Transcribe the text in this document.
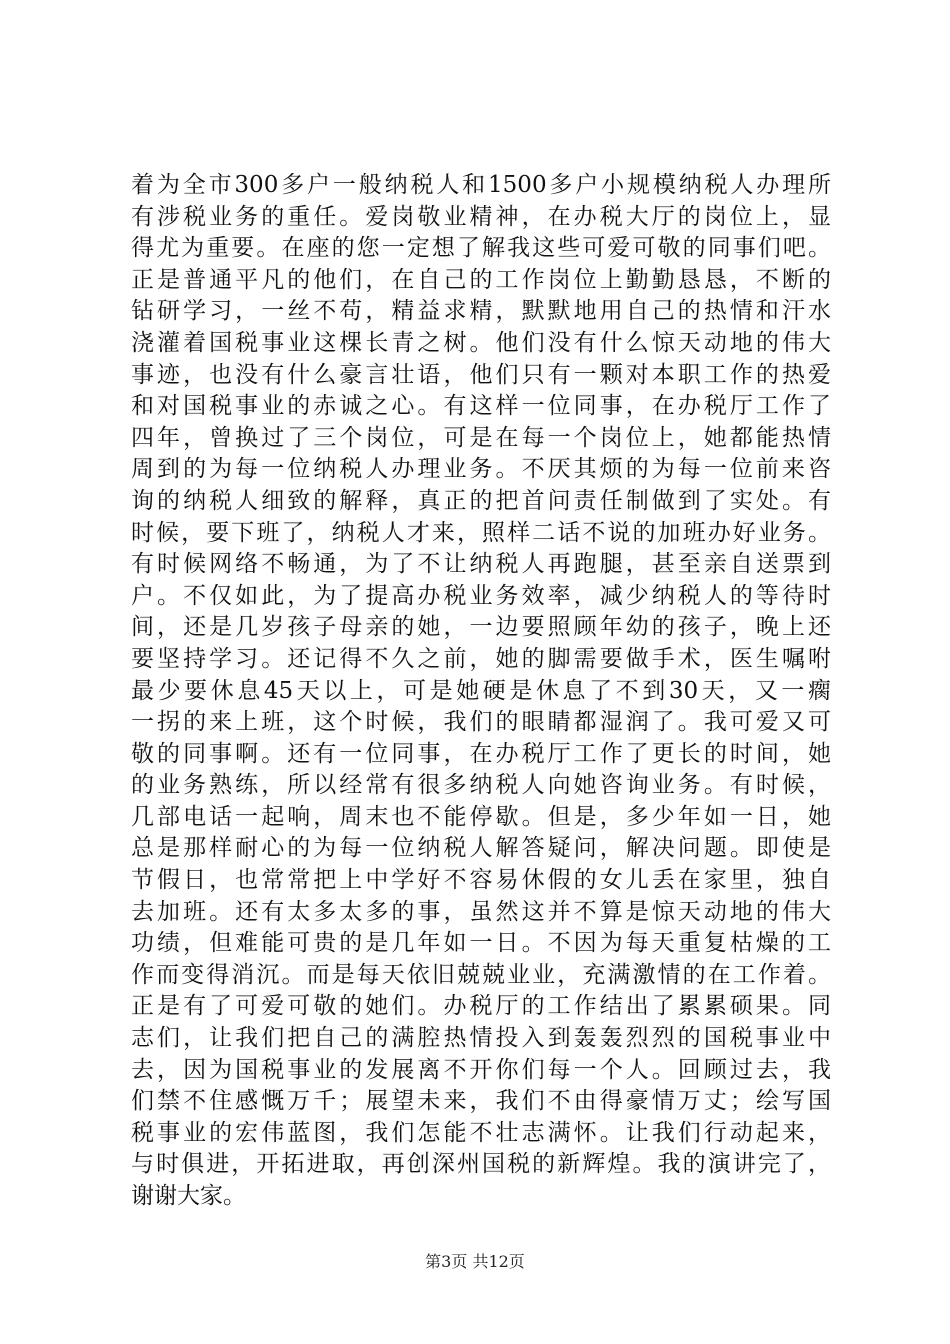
着为全市300多户一般纳税人和1500多户小规模纳税人办理所
有涉税业务的重任。爱岗敬业精神，在办税大厅的岗位上，显
得尤为重要。在座的您一定想了解我这些可爱可敬的同事们吧。
正是普通平凡的他们，在自己的工作岗位上勤勤恳恳，不断的
钻研学习，一丝不苟，精益求精，默默地用自己的热情和汗水
浇灌着国税事业这棵长青之树。他们没有什么惊天动地的伟大
事迹，也没有什么豪言壮语，他们只有一颗对本职工作的热爱
和对国税事业的赤诚之心。有这样一位同事，在办税厅工作了
四年，曾换过了三个岗位，可是在每一个岗位上，她都能热情
周到的为每一位纳税人办理业务。不厌其烦的为每一位前来咨
询的纳税人细致的解释，真正的把首问责任制做到了实处。有
时候，要下班了，纳税人才来，照样二话不说的加班办好业务。
有时候网络不畅通，为了不让纳税人再跑腿，甚至亲自送票到
户。不仅如此，为了提高办税业务效率，减少纳税人的等待时
间，还是几岁孩子母亲的她，一边要照顾年幼的孩子，晚上还
要坚持学习。还记得不久之前，她的脚需要做手术，医生嘱咐
最少要休息45天以上，可是她硬是休息了不到30天，又一瘸
一拐的来上班，这个时候，我们的眼睛都湿润了。我可爱又可
敬的同事啊。还有一位同事，在办税厅工作了更长的时间，她
的业务熟练，所以经常有很多纳税人向她咨询业务。有时候，
几部电话一起响，周末也不能停歇。但是，多少年如一日，她
总是那样耐心的为每一位纳税人解答疑问，解决问题。即使是
节假日，也常常把上中学好不容易休假的女儿丢在家里，独自
去加班。还有太多太多的事，虽然这并不算是惊天动地的伟大
功绩，但难能可贵的是几年如一日。不因为每天重复枯燥的工
作而变得消沉。而是每天依旧兢兢业业，充满激情的在工作着。
正是有了可爱可敬的她们。办税厅的工作结出了累累硕果。同
志们，让我们把自己的满腔热情投入到轰轰烈烈的国税事业中
去，因为国税事业的发展离不开你们每一个人。回顾过去，我
们禁不住感慨万千；展望未来，我们不由得豪情万丈；绘写国
税事业的宏伟蓝图，我们怎能不壮志满怀。让我们行动起来，
与时俱进，开拓进取，再创深州国税的新辉煌。我的演讲完了，
谢谢大家。
第3页 共12页
